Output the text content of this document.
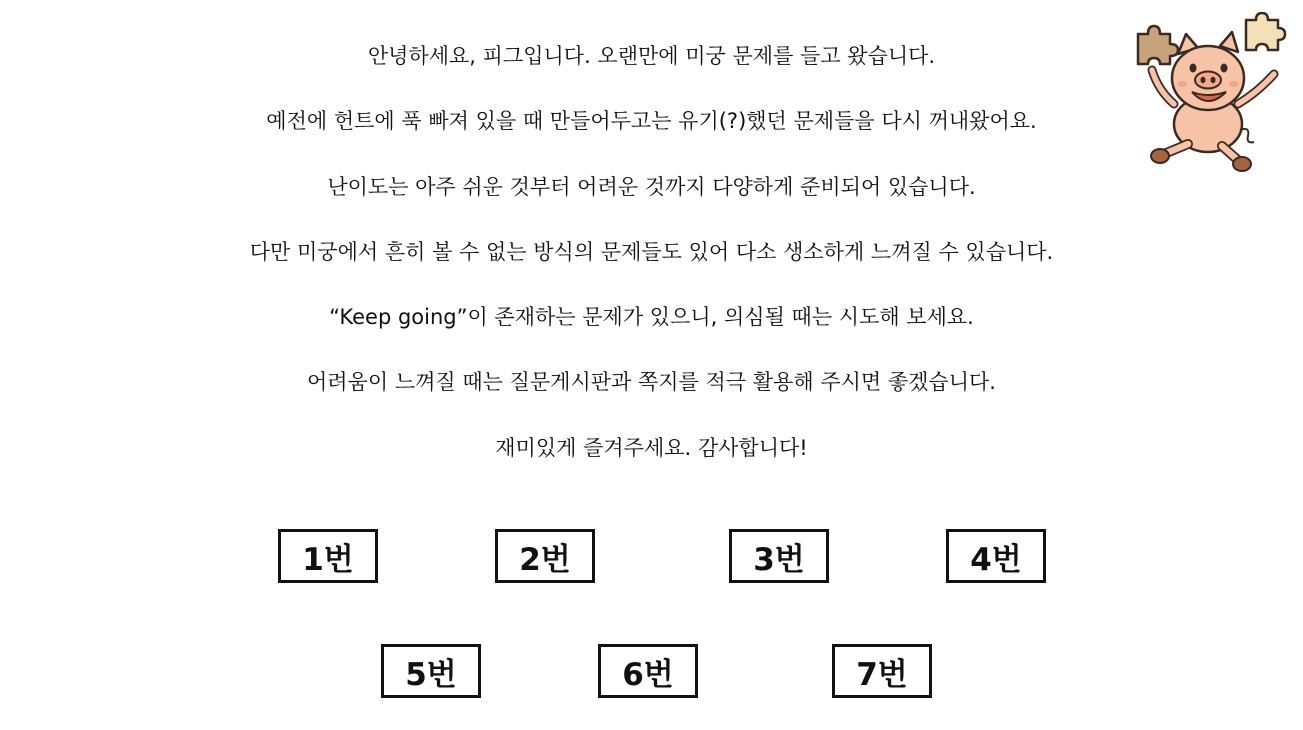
안녕하세요, 피그입니다. 오랜만에 미궁 문제를 들고 왔습니다.

예전에 헌트에 푹 빠져 있을 때 만들어두고는 유기(?)했던 문제들을 다시 꺼내왔어요.

난이도는 아주 쉬운 것부터 어려운 것까지 다양하게 준비되어 있습니다.

다만 미궁에서 흔히 볼 수 없는 방식의 문제들도 있어 다소 생소하게 느껴질 수 있습니다.

“Keep going”이 존재하는 문제가 있으니, 의심될 때는 시도해 보세요.

어려움이 느껴질 때는 질문게시판과 쪽지를 적극 활용해 주시면 좋겠습니다.

재미있게 즐겨주세요. 감사합니다!

1번	2번	3번	4번
5번	6번	7번
